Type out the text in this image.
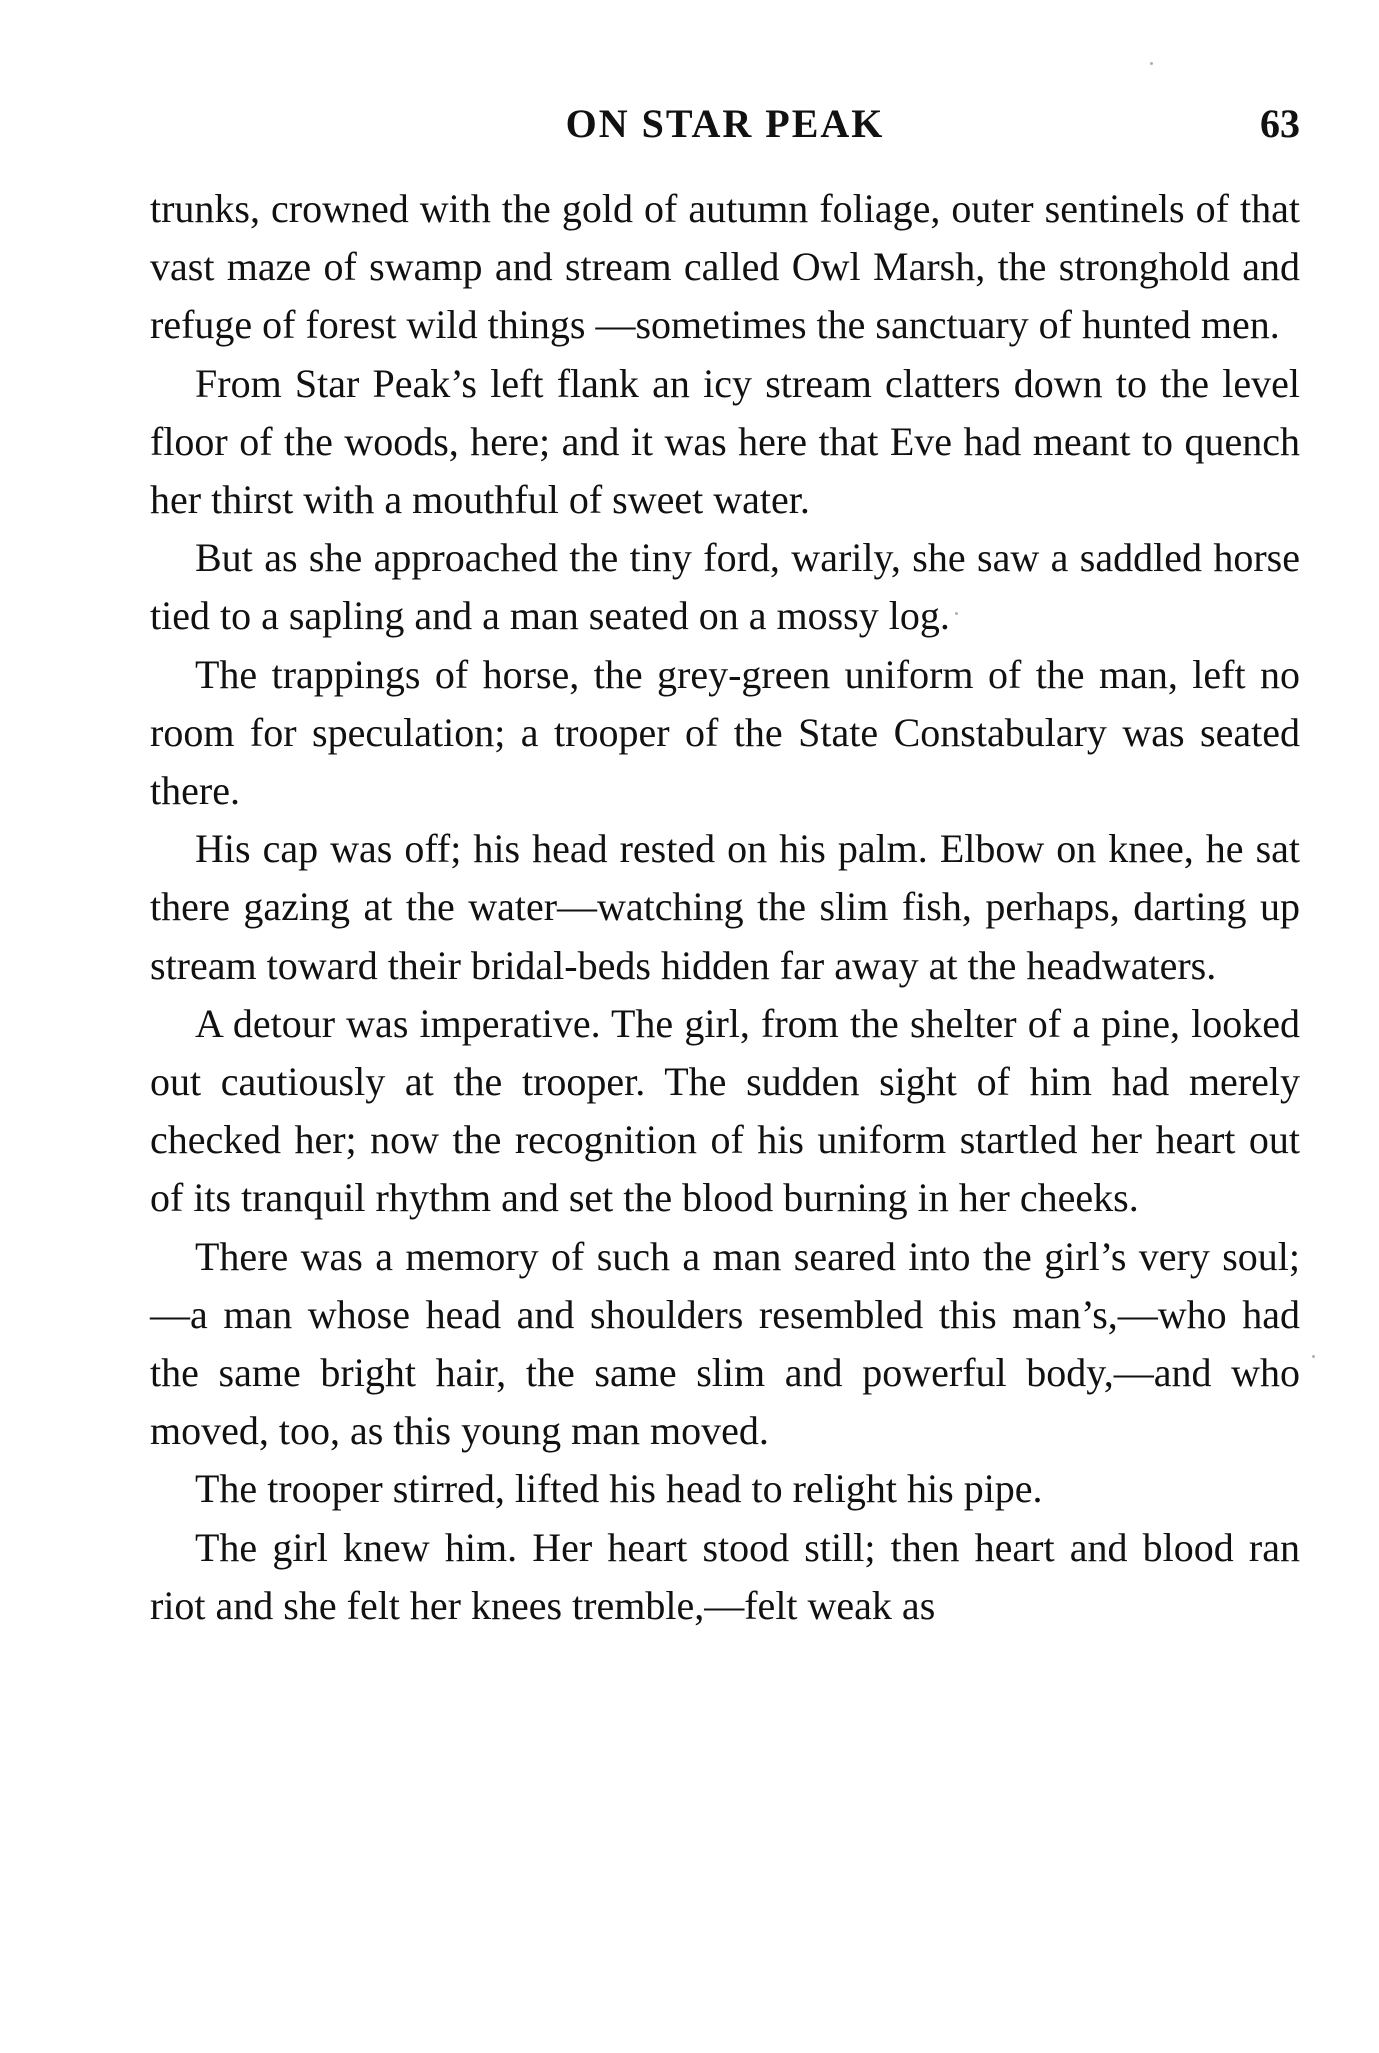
ON STAR PEAK	63

trunks, crowned with the gold of autumn foliage, outer sentinels of that vast maze of swamp and stream called Owl Marsh, the stronghold and refuge of forest wild things —sometimes the sanctuary of hunted men.

From Star Peak’s left flank an icy stream clatters down to the level floor of the woods, here; and it was here that Eve had meant to quench her thirst with a mouthful of sweet water.

But as she approached the tiny ford, warily, she saw a saddled horse tied to a sapling and a man seated on a mossy log.

The trappings of horse, the grey-green uniform of the man, left no room for speculation; a trooper of the State Constabulary was seated there.

His cap was off; his head rested on his palm. Elbow on knee, he sat there gazing at the water—watching the slim fish, perhaps, darting up stream toward their bridal-beds hidden far away at the headwaters.

A detour was imperative. The girl, from the shelter of a pine, looked out cautiously at the trooper. The sudden sight of him had merely checked her; now the recognition of his uniform startled her heart out of its tranquil rhythm and set the blood burning in her cheeks.

There was a memory of such a man seared into the girl’s very soul;—a man whose head and shoulders resembled this man’s,—who had the same bright hair, the same slim and powerful body,—and who moved, too, as this young man moved.

The trooper stirred, lifted his head to relight his pipe.

The girl knew him. Her heart stood still; then heart and blood ran riot and she felt her knees tremble,—felt weak as
